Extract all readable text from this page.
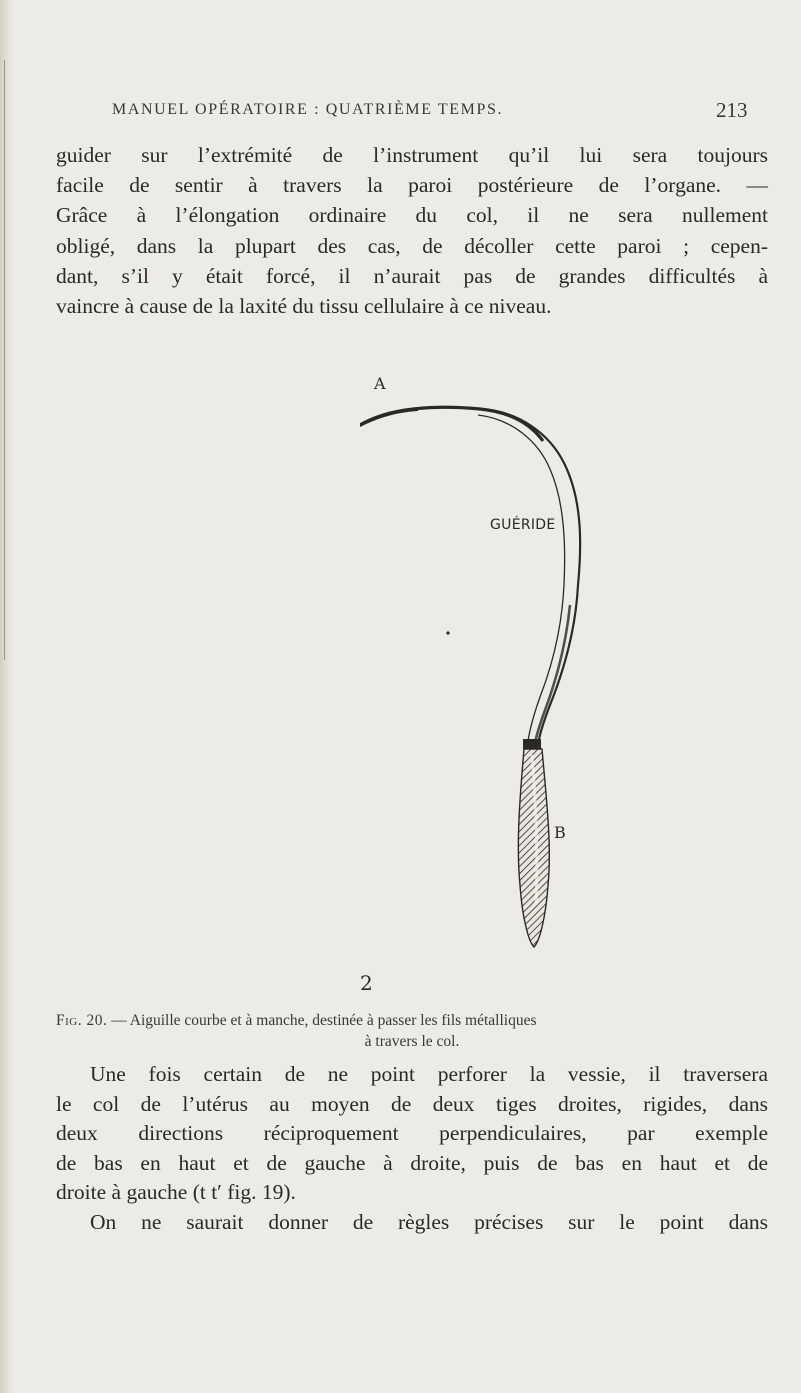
MANUEL OPÉRATOIRE : QUATRIÈME TEMPS.	213
guider sur l’extrémité de l’instrument qu’il lui sera toujours
facile de sentir à travers la paroi postérieure de l’organe. —
Grâce à l’élongation ordinaire du col, il ne sera nullement
obligé, dans la plupart des cas, de décoller cette paroi ; cepen-
dant, s’il y était forcé, il n’aurait pas de grandes difficultés à
vaincre à cause de la laxité du tissu cellulaire à ce niveau.
A
GUÉRIDE
B
2
Fig. 20. — Aiguille courbe et à manche, destinée à passer les fils métalliques
à travers le col.
Une fois certain de ne point perforer la vessie, il traversera
le col de l’utérus au moyen de deux tiges droites, rigides, dans
deux directions réciproquement perpendiculaires, par exemple
de bas en haut et de gauche à droite, puis de bas en haut et de
droite à gauche (t t′ fig. 19).
On ne saurait donner de règles précises sur le point dans
